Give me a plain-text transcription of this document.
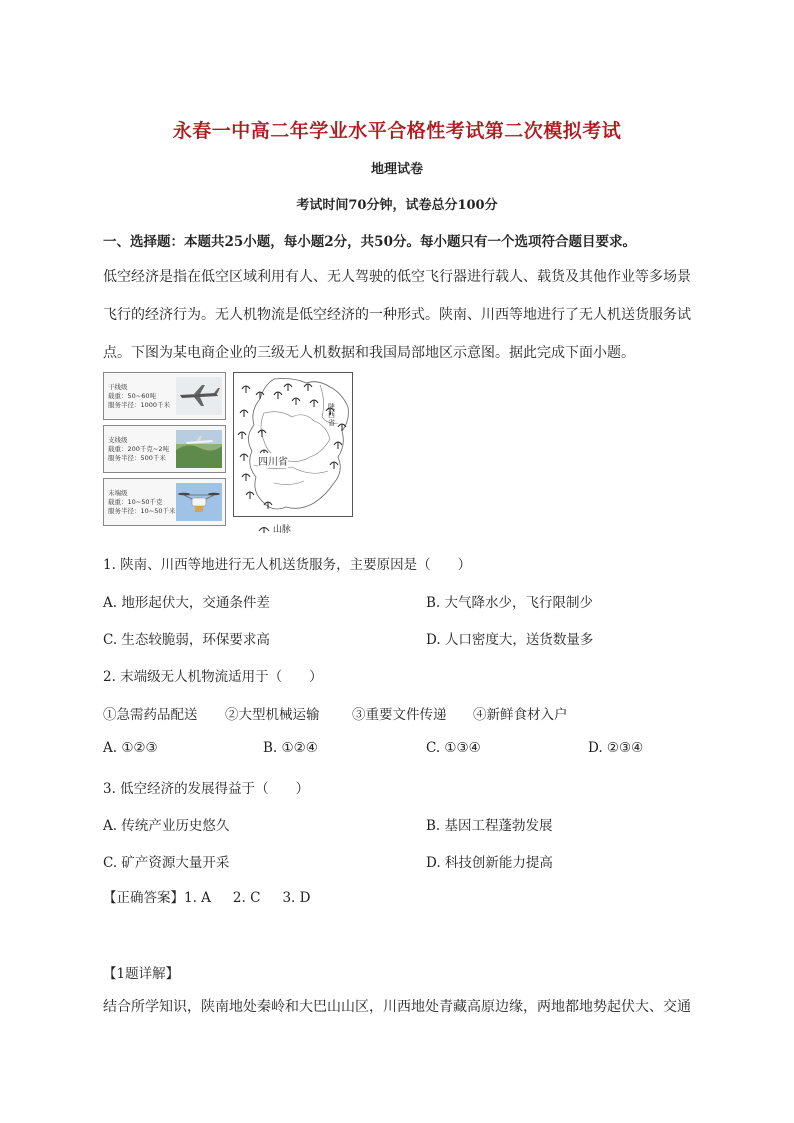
永春一中高二年学业水平合格性考试第二次模拟考试
地理试卷
考试时间70分钟，试卷总分100分
一、选择题：本题共25小题，每小题2分，共50分。每小题只有一个选项符合题目要求。
低空经济是指在低空区域利用有人、无人驾驶的低空飞行器进行载人、载货及其他作业等多场景
飞行的经济行为。无人机物流是低空经济的一种形式。陕南、川西等地进行了无人机送货服务试
点。下图为某电商企业的三级无人机数据和我国局部地区示意图。据此完成下面小题。
干线级
载重：50~60吨
服务半径：1000千米
支线级
载重：200千克~2吨
服务半径：500千米
末端级
载重：10~50千克
服务半径：10~50千米
陕西省
四川省
山脉
1. 陕南、川西等地进行无人机送货服务，主要原因是（　　）
A. 地形起伏大，交通条件差	B. 大气降水少，飞行限制少
C. 生态较脆弱，环保要求高	D. 人口密度大，送货数量多
2. 末端级无人机物流适用于（　　）
①急需药品配送 ②大型机械运输 ③重要文件传递 ④新鲜食材入户
A. ①②③	B. ①②④	C. ①③④	D. ②③④
3. 低空经济的发展得益于（　　）
A. 传统产业历史悠久	B. 基因工程蓬勃发展
C. 矿产资源大量开采	D. 科技创新能力提高
【正确答案】1. A 2. C 3. D
【1题详解】
结合所学知识，陕南地处秦岭和大巴山山区，川西地处青藏高原边缘，两地都地势起伏大、交通
